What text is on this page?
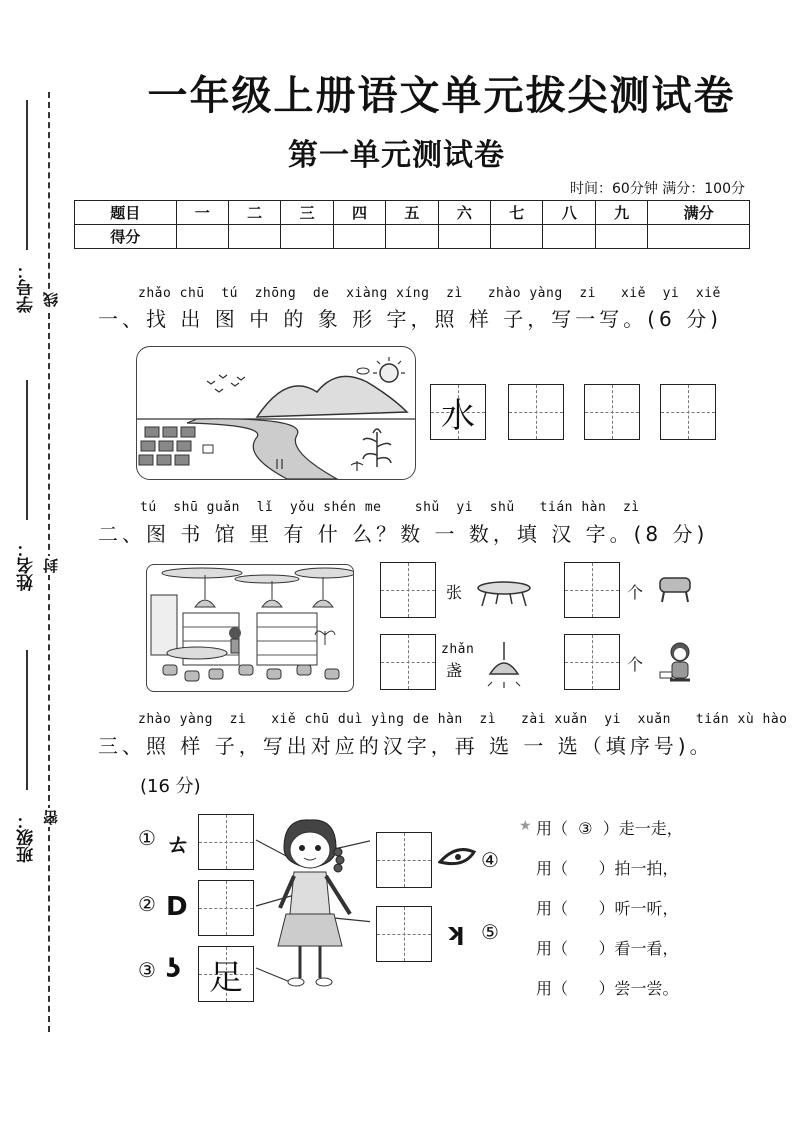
一年级上册语文单元拔尖测试卷
第一单元测试卷
时间：60分钟 满分：100分
题目	一	二	三	四	五	六	七	八	九	满分
得分										
学号： 线
姓名： 封
班级： 密
zhǎo chū  tú  zhōng  de  xiàng xíng  zì   zhào yàng  zi   xiě  yi  xiě
一、找 出 图 中 的 象 形 字，照 样 子，写一写。(6 分)
水
tú  shū guǎn  lǐ  yǒu shén me    shǔ  yi  shǔ   tián hàn  zì
二、图 书 馆 里 有 什 么？数 一 数，填 汉 字。(8 分)
张	个
zhǎn
盏	个
zhào yàng  zi   xiě chū duì yìng de hàn  zì   zài xuǎn  yi  xuǎn   tián xù hào
三、照 样 子，写出对应的汉字，再 选 一 选（填序号)。
(16 分)
① ㄊ
② D
③ ʖ 足
④
ʞ ⑤
★ 用（  ③  ）走一走，
用（      ）拍一拍，
用（      ）听一听，
用（      ）看一看，
用（      ）尝一尝。
